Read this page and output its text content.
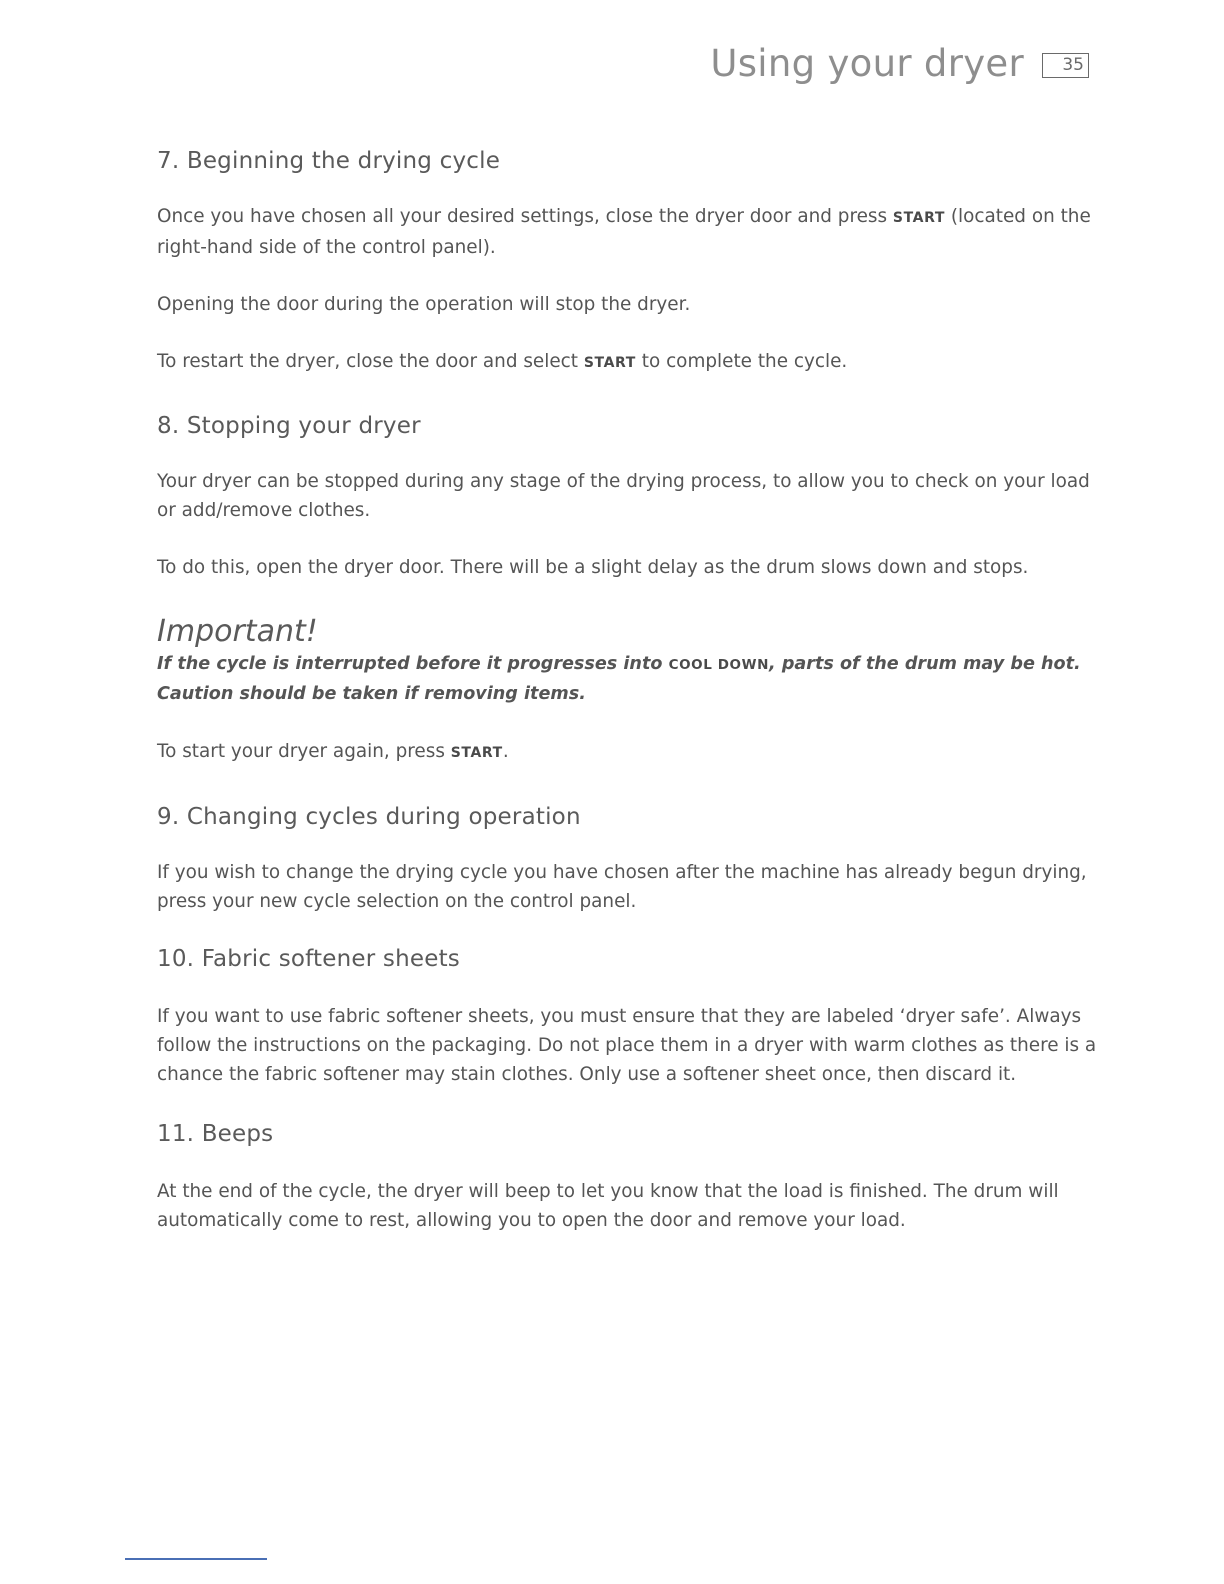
Using your dryer	35
7. Beginning the drying cycle

Once you have chosen all your desired settings, close the dryer door and press START (located on the right-hand side of the control panel).

Opening the door during the operation will stop the dryer.

To restart the dryer, close the door and select START to complete the cycle.

8. Stopping your dryer

Your dryer can be stopped during any stage of the drying process, to allow you to check on your load or add/remove clothes.

To do this, open the dryer door. There will be a slight delay as the drum slows down and stops.

Important!

If the cycle is interrupted before it progresses into COOL DOWN, parts of the drum may be hot. Caution should be taken if removing items.

To start your dryer again, press START.

9. Changing cycles during operation

If you wish to change the drying cycle you have chosen after the machine has already begun drying, press your new cycle selection on the control panel.

10. Fabric softener sheets

If you want to use fabric softener sheets, you must ensure that they are labeled ‘dryer safe’. Always follow the instructions on the packaging. Do not place them in a dryer with warm clothes as there is a chance the fabric softener may stain clothes. Only use a softener sheet once, then discard it.

11. Beeps

At the end of the cycle, the dryer will beep to let you know that the load is finished. The drum will automatically come to rest, allowing you to open the door and remove your load.
